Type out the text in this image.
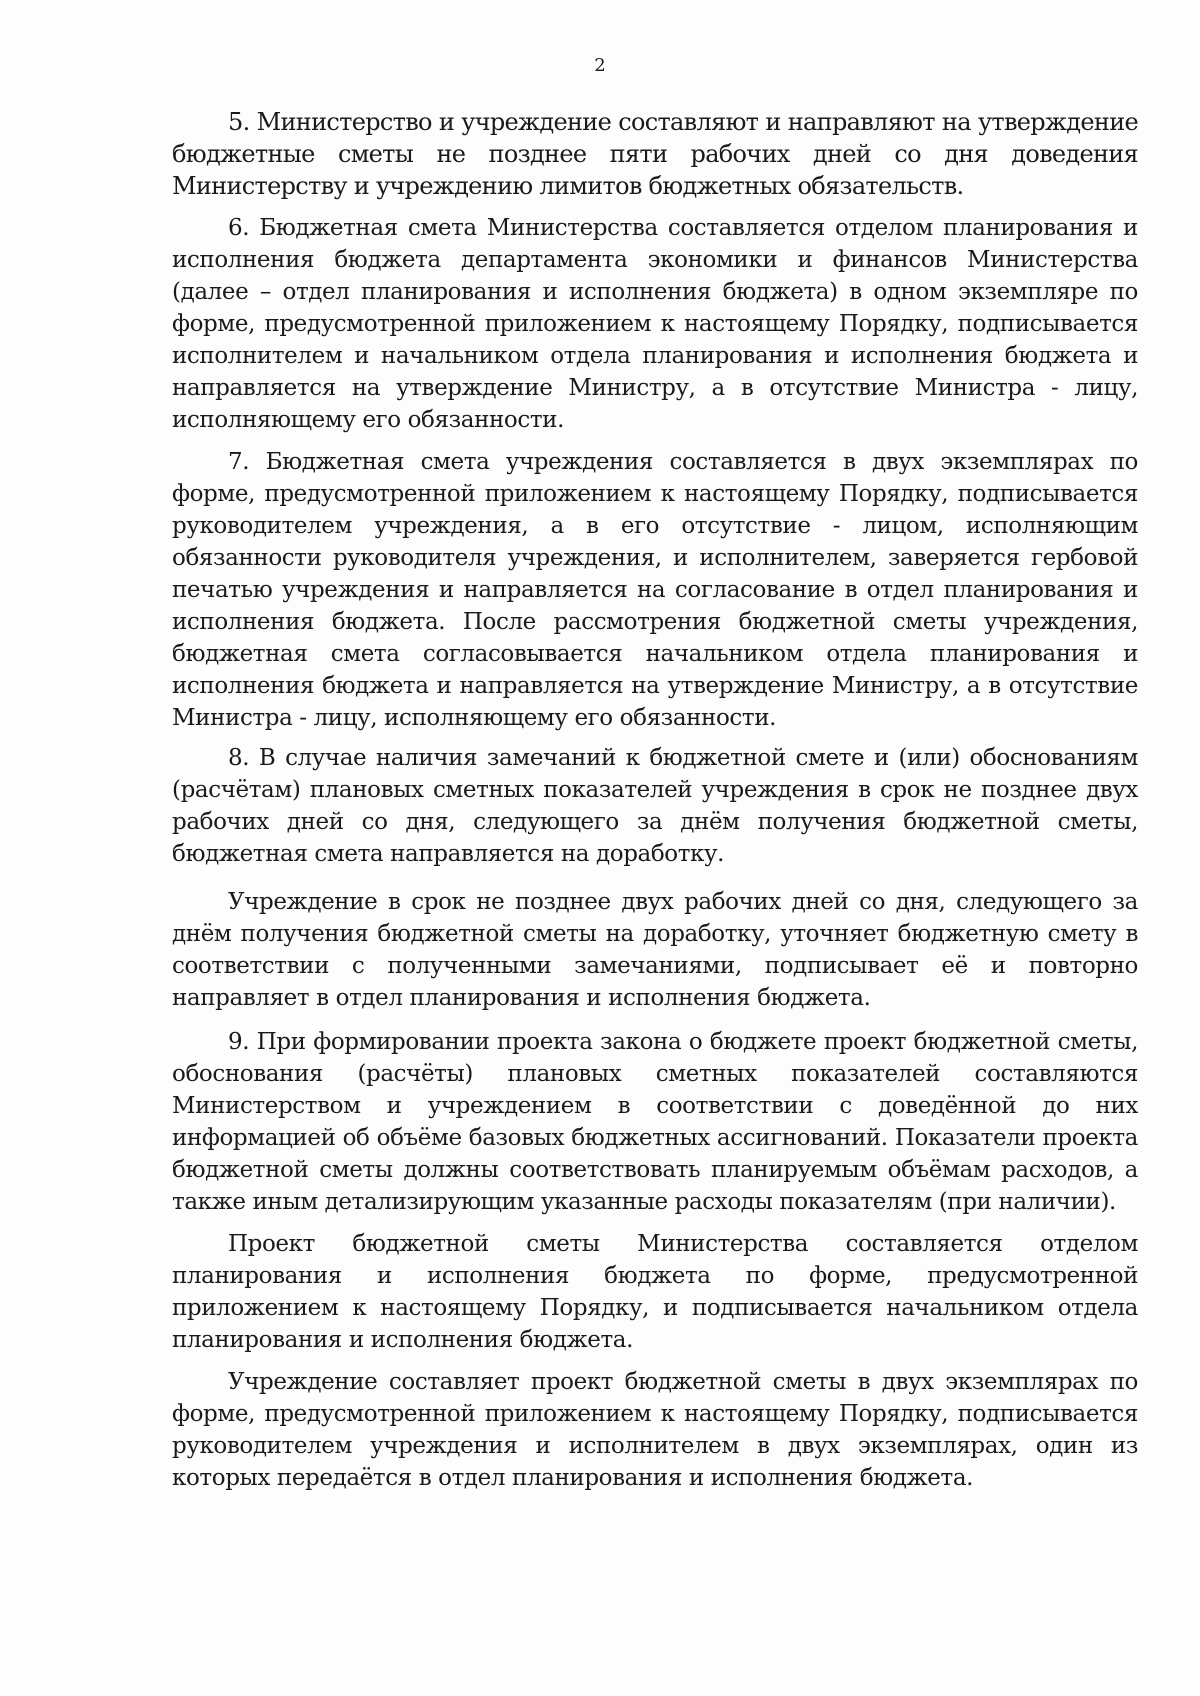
2

5. Министерство и учреждение составляют и направляют на утверждение бюджетные сметы не позднее пяти рабочих дней со дня доведения Министерству и учреждению лимитов бюджетных обязательств.

6. Бюджетная смета Министерства составляется отделом планирования и исполнения бюджета департамента экономики и финансов Министерства (далее – отдел планирования и исполнения бюджета) в одном экземпляре по форме, предусмотренной приложением к настоящему Порядку, подписывается исполнителем и начальником отдела планирования и исполнения бюджета и направляется на утверждение Министру, а в отсутствие Министра - лицу, исполняющему его обязанности.

7. Бюджетная смета учреждения составляется в двух экземплярах по форме, предусмотренной приложением к настоящему Порядку, подписывается руководителем учреждения, а в его отсутствие - лицом, исполняющим обязанности руководителя учреждения, и исполнителем, заверяется гербовой печатью учреждения и направляется на согласование в отдел планирования и исполнения бюджета. После рассмотрения бюджетной сметы учреждения, бюджетная смета согласовывается начальником отдела планирования и исполнения бюджета и направляется на утверждение Министру, а в отсутствие Министра - лицу, исполняющему его обязанности.

8. В случае наличия замечаний к бюджетной смете и (или) обоснованиям (расчётам) плановых сметных показателей учреждения в срок не позднее двух рабочих дней со дня, следующего за днём получения бюджетной сметы, бюджетная смета направляется на доработку.

Учреждение в срок не позднее двух рабочих дней со дня, следующего за днём получения бюджетной сметы на доработку, уточняет бюджетную смету в соответствии с полученными замечаниями, подписывает её и повторно направляет в отдел планирования и исполнения бюджета.

9. При формировании проекта закона о бюджете проект бюджетной сметы, обоснования (расчёты) плановых сметных показателей составляются Министерством и учреждением в соответствии с доведённой до них информацией об объёме базовых бюджетных ассигнований. Показатели проекта бюджетной сметы должны соответствовать планируемым объёмам расходов, а также иным детализирующим указанные расходы показателям (при наличии).

Проект бюджетной сметы Министерства составляется отделом планирования и исполнения бюджета по форме, предусмотренной приложением к настоящему Порядку, и подписывается начальником отдела планирования и исполнения бюджета.

Учреждение составляет проект бюджетной сметы в двух экземплярах по форме, предусмотренной приложением к настоящему Порядку, подписывается руководителем учреждения и исполнителем в двух экземплярах, один из которых передаётся в отдел планирования и исполнения бюджета.
